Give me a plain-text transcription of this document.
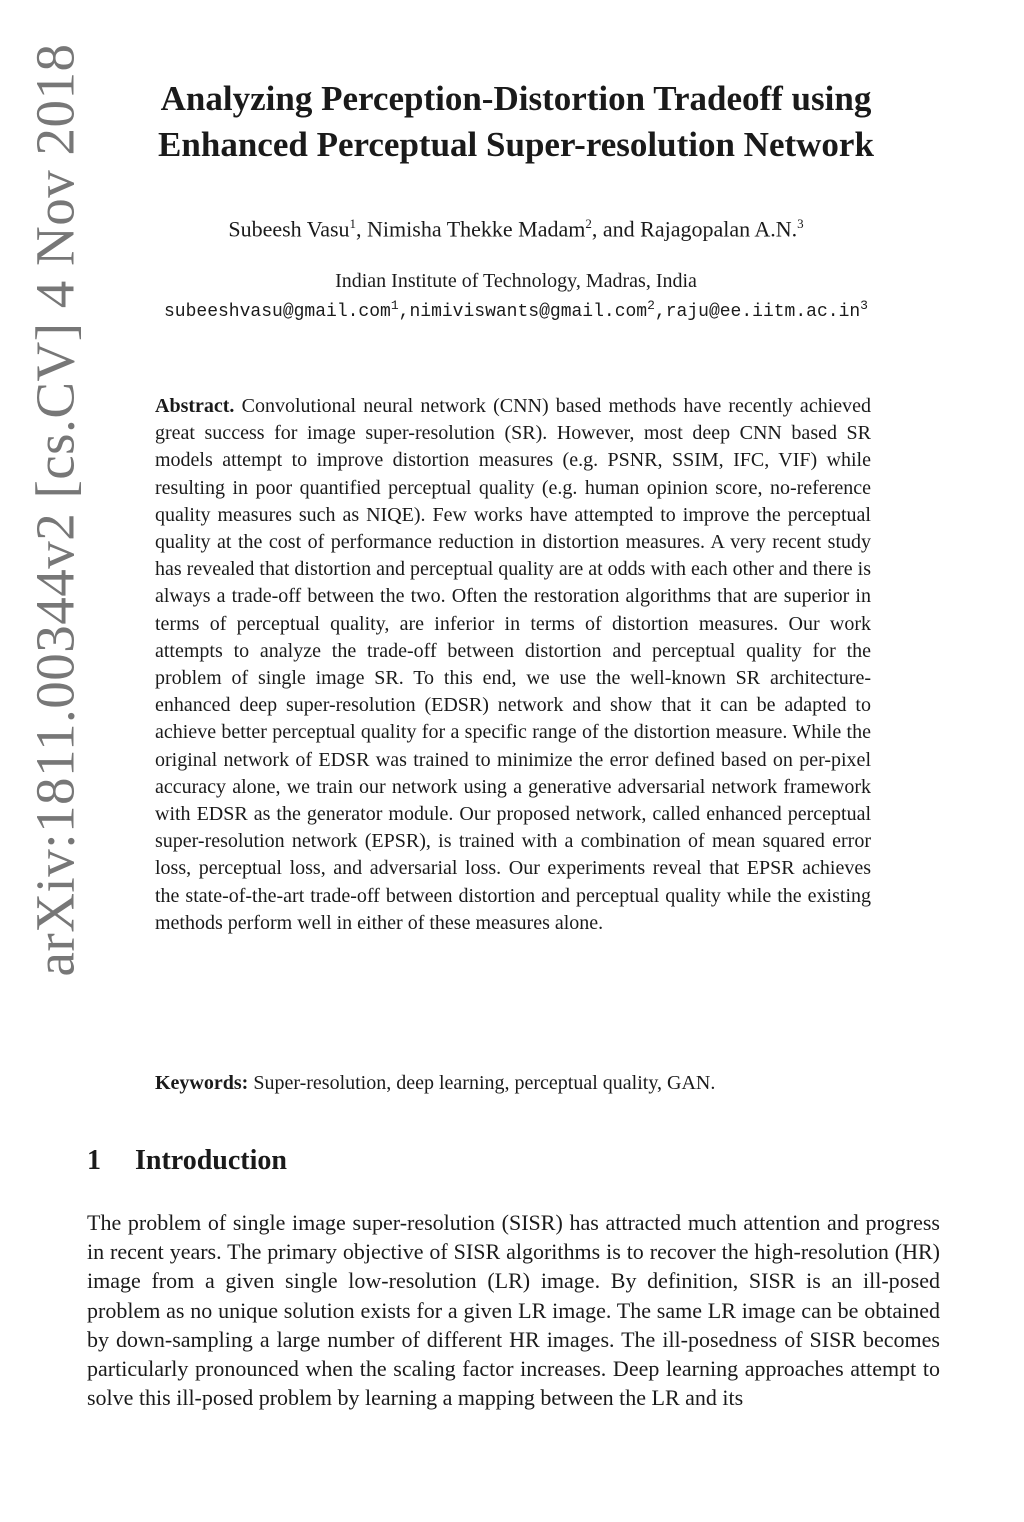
arXiv:1811.00344v2 [cs.CV] 4 Nov 2018	Analyzing Perception-Distortion Tradeoff using Enhanced Perceptual Super-resolution Network
Subeesh Vasu$^1$, Nimisha Thekke Madam$^2$, and Rajagopalan A.N.$^3$
Indian Institute of Technology, Madras, India
$subeeshvasu@gmail.com^1,nimiviswants@gmail.com^2,raju@ee.iitm.ac.in^3$

Abstract. Convolutional neural network (CNN) based methods have recently achieved great success for image super-resolution (SR). However, most deep CNN based SR models attempt to improve distortion measures (e.g. PSNR, SSIM, IFC, VIF) while resulting in poor quantified perceptual quality (e.g. human opinion score, no-reference quality measures such as NIQE). Few works have attempted to improve the perceptual quality at the cost of performance reduction in distortion measures. A very recent study has revealed that distortion and perceptual quality are at odds with each other and there is always a trade-off between the two. Often the restoration algorithms that are superior in terms of perceptual quality, are inferior in terms of distortion measures. Our work attempts to analyze the trade-off between distortion and perceptual quality for the problem of single image SR. To this end, we use the well-known SR architecture- enhanced deep super-resolution (EDSR) network and show that it can be adapted to achieve better perceptual quality for a specific range of the distortion measure. While the original network of EDSR was trained to minimize the error defined based on per-pixel accuracy alone, we train our network using a generative adversarial network framework with EDSR as the generator module. Our proposed network, called enhanced perceptual super-resolution network (EPSR), is trained with a combination of mean squared error loss, perceptual loss, and adversarial loss. Our experiments reveal that EPSR achieves the state-of-the-art trade-off between distortion and perceptual quality while the existing methods perform well in either of these measures alone.

Keywords: Super-resolution, deep learning, perceptual quality, GAN.

1 Introduction

The problem of single image super-resolution (SISR) has attracted much attention and progress in recent years. The primary objective of SISR algorithms is to recover the high-resolution (HR) image from a given single low-resolution (LR) image. By definition, SISR is an ill-posed problem as no unique solution exists for a given LR image. The same LR image can be obtained by down-sampling a large number of different HR images. The ill-posedness of SISR becomes particularly pronounced when the scaling factor increases. Deep learning approaches attempt to solve this ill-posed problem by learning a mapping between the LR and its
